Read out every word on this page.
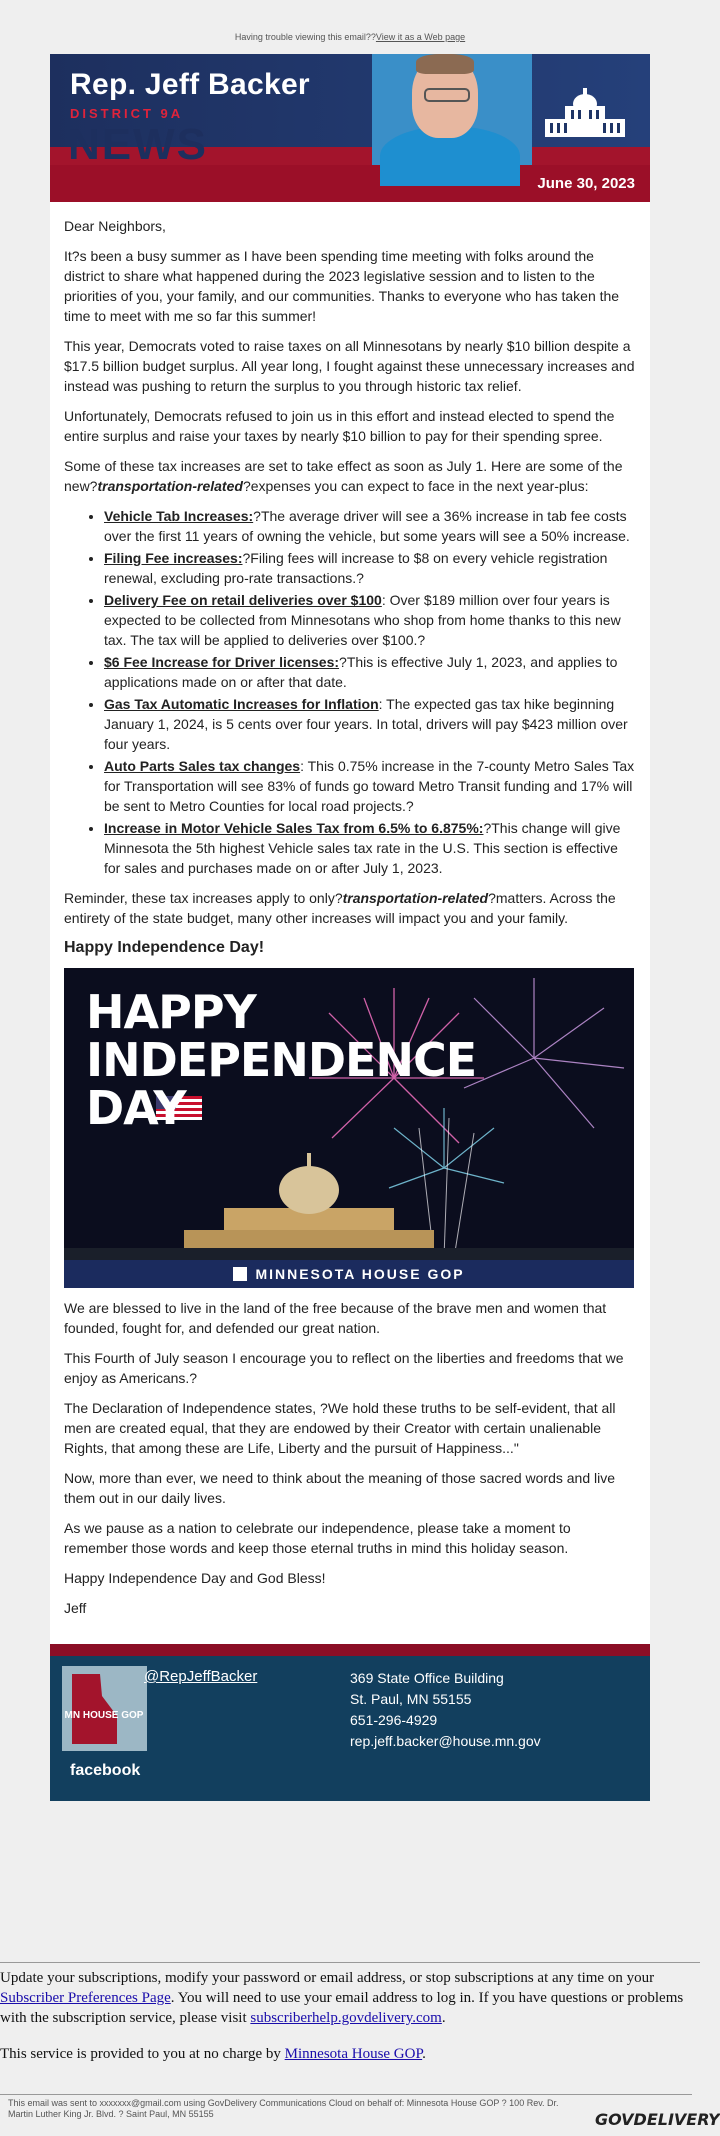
Having trouble viewing this email??View it as a Web page
Rep. Jeff Backer
DISTRICT 9A
NEWS
June 30, 2023

Dear Neighbors,

It?s been a busy summer as I have been spending time meeting with folks around the district to share what happened during the 2023 legislative session and to listen to the priorities of you, your family, and our communities. Thanks to everyone who has taken the time to meet with me so far this summer!

This year, Democrats voted to raise taxes on all Minnesotans by nearly $10 billion despite a $17.5 billion budget surplus. All year long, I fought against these unnecessary increases and instead was pushing to return the surplus to you through historic tax relief.

Unfortunately, Democrats refused to join us in this effort and instead elected to spend the entire surplus and raise your taxes by nearly $10 billion to pay for their spending spree.

Some of these tax increases are set to take effect as soon as July 1. Here are some of the new?transportation-related?expenses you can expect to face in the next year-plus:

• Vehicle Tab Increases:?The average driver will see a 36% increase in tab fee costs over the first 11 years of owning the vehicle, but some years will see a 50% increase.
• Filing Fee increases:?Filing fees will increase to $8 on every vehicle registration renewal, excluding pro-rate transactions.?
• Delivery Fee on retail deliveries over $100: Over $189 million over four years is expected to be collected from Minnesotans who shop from home thanks to this new tax. The tax will be applied to deliveries over $100.?
• $6 Fee Increase for Driver licenses:?This is effective July 1, 2023, and applies to applications made on or after that date.
• Gas Tax Automatic Increases for Inflation: The expected gas tax hike beginning January 1, 2024, is 5 cents over four years. In total, drivers will pay $423 million over four years.
• Auto Parts Sales tax changes: This 0.75% increase in the 7-county Metro Sales Tax for Transportation will see 83% of funds go toward Metro Transit funding and 17% will be sent to Metro Counties for local road projects.?
• Increase in Motor Vehicle Sales Tax from 6.5% to 6.875%:?This change will give Minnesota the 5th highest Vehicle sales tax rate in the U.S. This section is effective for sales and purchases made on or after July 1, 2023.

Reminder, these tax increases apply to only?transportation-related?matters. Across the entirety of the state budget, many other increases will impact you and your family.

Happy Independence Day!
HAPPY
INDEPENDENCE
DAY
MINNESOTA HOUSE GOP

We are blessed to live in the land of the free because of the brave men and women that founded, fought for, and defended our great nation.

This Fourth of July season I encourage you to reflect on the liberties and freedoms that we enjoy as Americans.?

The Declaration of Independence states, ?We hold these truths to be self-evident, that all men are created equal, that they are endowed by their Creator with certain unalienable Rights, that among these are Life, Liberty and the pursuit of Happiness..."

Now, more than ever, we need to think about the meaning of those sacred words and live them out in our daily lives.

As we pause as a nation to celebrate our independence, please take a moment to remember those words and keep those eternal truths in mind this holiday season.

Happy Independence Day and God Bless!

Jeff

MN HOUSE GOP
facebook
@RepJeffBacker	369 State Office Building
St. Paul, MN 55155
651-296-4929
rep.jeff.backer@house.mn.gov

Update your subscriptions, modify your password or email address, or stop subscriptions at any time on your Subscriber Preferences Page. You will need to use your email address to log in. If you have questions or problems with the subscription service, please visit subscriberhelp.govdelivery.com.

This service is provided to you at no charge by Minnesota House GOP.

This email was sent to xxxxxxx@gmail.com using GovDelivery Communications Cloud on behalf of: Minnesota House GOP ? 100 Rev. Dr. Martin Luther King Jr. Blvd. ? Saint Paul, MN 55155	GOVDELIVERY
